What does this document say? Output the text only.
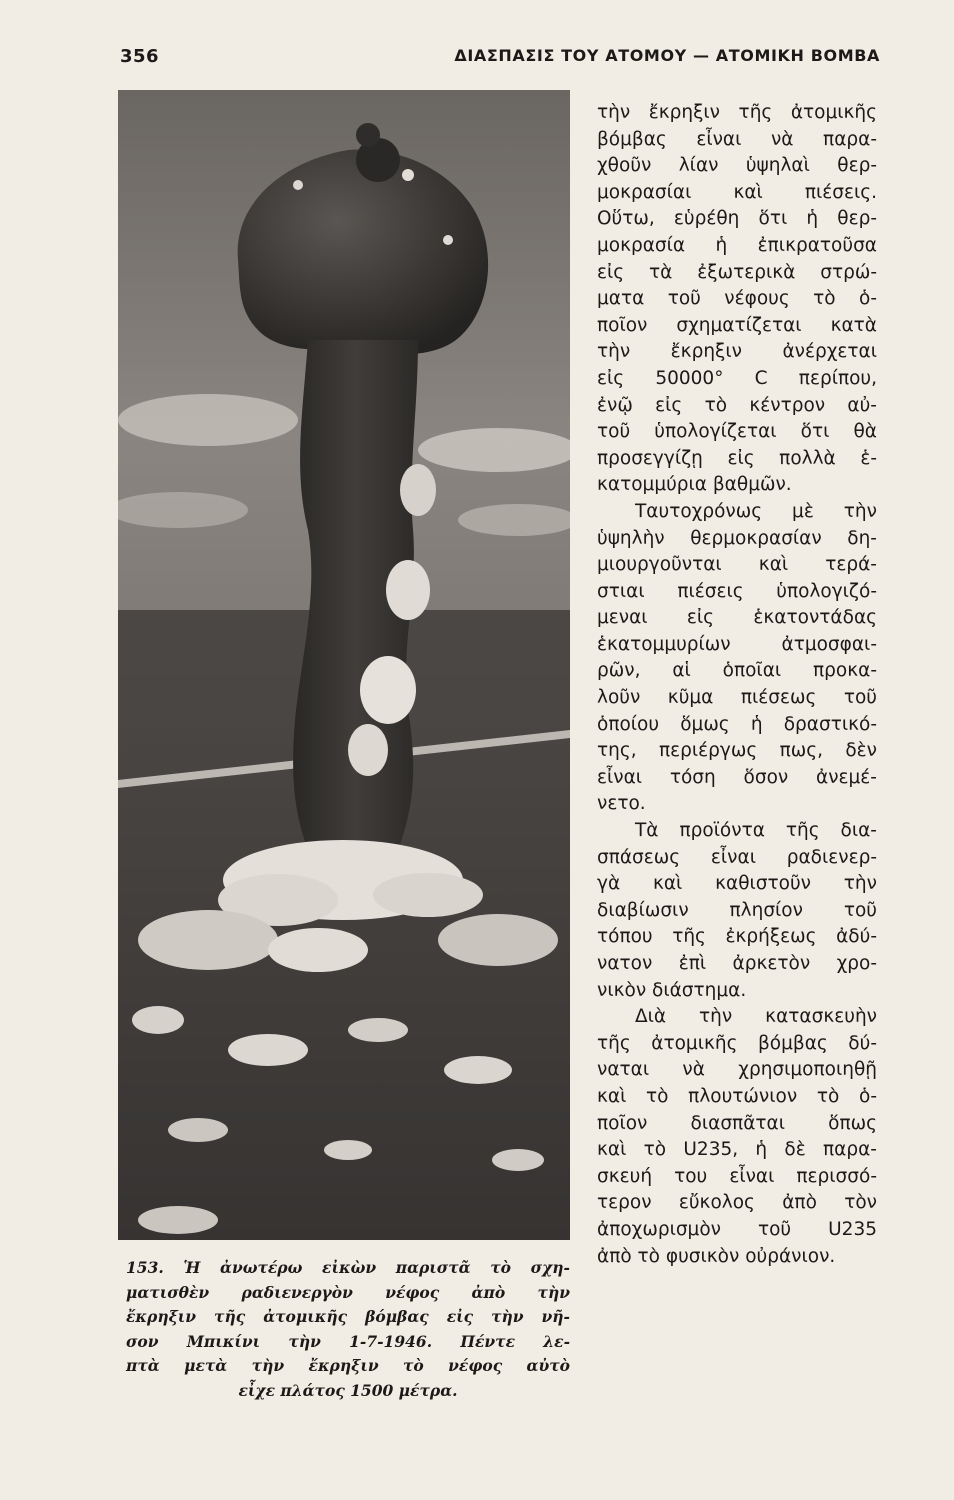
356	ΔΙΑΣΠΑΣΙΣ ΤΟΥ ΑΤΟΜΟΥ — ΑΤΟΜΙΚΗ ΒΟΜΒΑ
153. Ἡ ἀνωτέρω εἰκὼν παριστᾶ τὸ σχη-
ματισθὲν ραδιενεργὸν νέφος ἀπὸ τὴν
ἔκρηξιν τῆς ἀτομικῆς βόμβας εἰς τὴν νῆ-
σον Μπικίνι τὴν 1-7-1946. Πέντε λε-
πτὰ μετὰ τὴν ἔκρηξιν τὸ νέφος αὐτὸ
εἶχε πλάτος 1500 μέτρα.
τὴν ἔκρηξιν τῆς ἀτομικῆς
βόμβας εἶναι νὰ παρα-
χθοῦν λίαν ὑψηλαὶ θερ-
μοκρασίαι καὶ πιέσεις.
Οὕτω, εὑρέθη ὅτι ἡ θερ-
μοκρασία ἡ ἐπικρατοῦσα
εἰς τὰ ἐξωτερικὰ στρώ-
ματα τοῦ νέφους τὸ ὁ-
ποῖον σχηματίζεται κατὰ
τὴν ἔκρηξιν ἀνέρχεται
εἰς 50000° C περίπου,
ἐνῷ εἰς τὸ κέντρον αὐ-
τοῦ ὑπολογίζεται ὅτι θὰ
προσεγγίζῃ εἰς πολλὰ ἑ-
κατομμύρια βαθμῶν.
Ταυτοχρόνως μὲ τὴν
ὑψηλὴν θερμοκρασίαν δη-
μιουργοῦνται καὶ τερά-
στιαι πιέσεις ὑπολογιζό-
μεναι εἰς ἑκατοντάδας
ἑκατομμυρίων ἀτμοσφαι-
ρῶν, αἱ ὁποῖαι προκα-
λοῦν κῦμα πιέσεως τοῦ
ὁποίου ὅμως ἡ δραστικό-
της, περιέργως πως, δὲν
εἶναι τόση ὅσον ἀνεμέ-
νετο.
Τὰ προϊόντα τῆς δια-
σπάσεως εἶναι ραδιενερ-
γὰ καὶ καθιστοῦν τὴν
διαβίωσιν πλησίον τοῦ
τόπου τῆς ἐκρήξεως ἀδύ-
νατον ἐπὶ ἀρκετὸν χρο-
νικὸν διάστημα.
Διὰ τὴν κατασκευὴν
τῆς ἀτομικῆς βόμβας δύ-
ναται νὰ χρησιμοποιηθῇ
καὶ τὸ πλουτώνιον τὸ ὁ-
ποῖον διασπᾶται ὅπως
καὶ τὸ U235, ἡ δὲ παρα-
σκευή του εἶναι περισσό-
τερον εὔκολος ἀπὸ τὸν
ἀποχωρισμὸν τοῦ U235
ἀπὸ τὸ φυσικὸν οὐράνιον.
